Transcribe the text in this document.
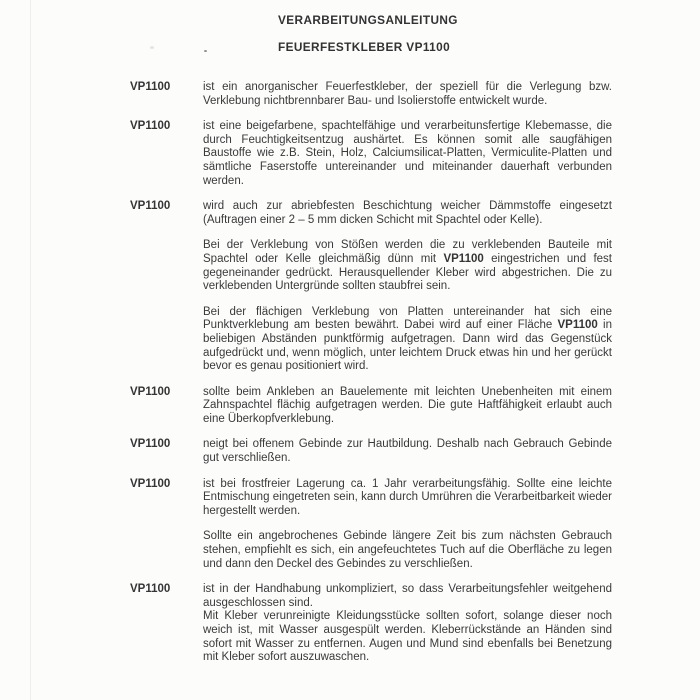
VERARBEITUNGSANLEITUNG
FEUERFESTKLEBER VP1100
VP1100	ist ein anorganischer Feuerfestkleber, der speziell für die Verlegung bzw. Verklebung nichtbrennbarer Bau- und Isolierstoffe entwickelt wurde.
VP1100	ist eine beigefarbene, spachtelfähige und verarbeitunsfertige Klebemasse, die durch Feuchtigkeitsentzug aushärtet. Es können somit alle saugfähigen Baustoffe wie z.B. Stein, Holz, Calciumsilicat-Platten, Vermiculite-Platten und sämtliche Faserstoffe untereinander und miteinander dauerhaft verbunden werden.
VP1100	wird auch zur abriebfesten Beschichtung weicher Dämmstoffe eingesetzt (Auftragen einer 2 – 5 mm dicken Schicht mit Spachtel oder Kelle).
Bei der Verklebung von Stößen werden die zu verklebenden Bauteile mit Spachtel oder Kelle gleichmäßig dünn mit VP1100 eingestrichen und fest gegeneinander gedrückt. Herausquellender Kleber wird abgestrichen. Die zu verklebenden Untergründe sollten staubfrei sein.
Bei der flächigen Verklebung von Platten untereinander hat sich eine Punktverklebung am besten bewährt. Dabei wird auf einer Fläche VP1100 in beliebigen Abständen punktförmig aufgetragen. Dann wird das Gegenstück aufgedrückt und, wenn möglich, unter leichtem Druck etwas hin und her gerückt bevor es genau positioniert wird.
VP1100	sollte beim Ankleben an Bauelemente mit leichten Unebenheiten mit einem Zahnspachtel flächig aufgetragen werden. Die gute Haftfähigkeit erlaubt auch eine Überkopfverklebung.
VP1100	neigt bei offenem Gebinde zur Hautbildung. Deshalb nach Gebrauch Gebinde gut verschließen.
VP1100	ist bei frostfreier Lagerung ca. 1 Jahr verarbeitungsfähig. Sollte eine leichte Entmischung eingetreten sein, kann durch Umrühren die Verarbeitbarkeit wieder hergestellt werden.
Sollte ein angebrochenes Gebinde längere Zeit bis zum nächsten Gebrauch stehen, empfiehlt es sich, ein angefeuchtetes Tuch auf die Oberfläche zu legen und dann den Deckel des Gebindes zu verschließen.
VP1100	ist in der Handhabung unkompliziert, so dass Verarbeitungsfehler weitgehend ausgeschlossen sind.
Mit Kleber verunreinigte Kleidungsstücke sollten sofort, solange dieser noch weich ist, mit Wasser ausgespült werden. Kleberrückstände an Händen sind sofort mit Wasser zu entfernen. Augen und Mund sind ebenfalls bei Benetzung mit Kleber sofort auszuwaschen.
